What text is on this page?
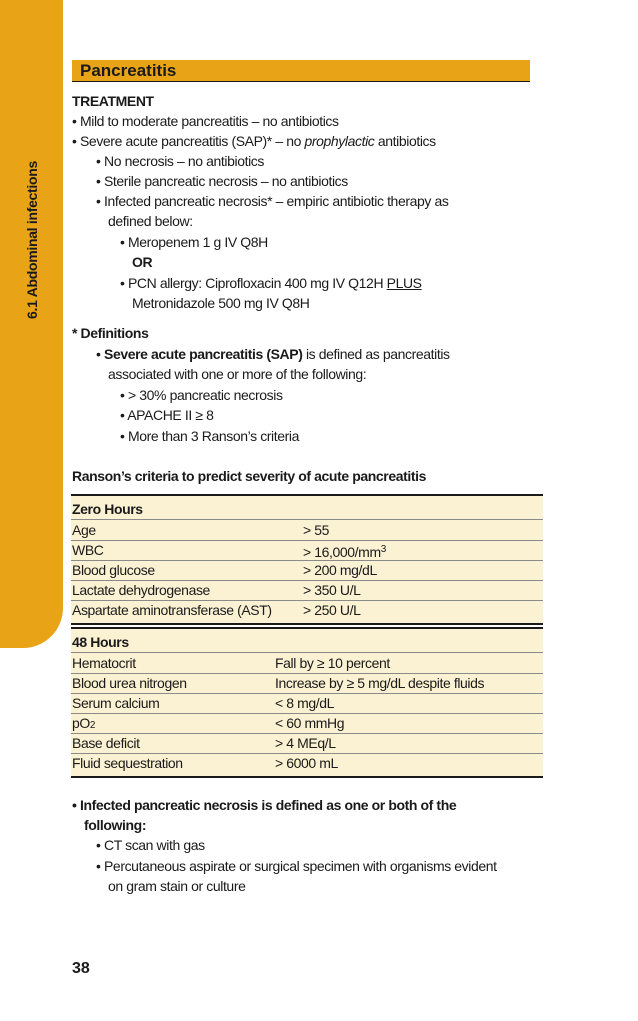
6.1 Abdominal infections
Pancreatitis
TREATMENT
• Mild to moderate pancreatitis – no antibiotics
• Severe acute pancreatitis (SAP)* – no prophylactic antibiotics
• No necrosis – no antibiotics
• Sterile pancreatic necrosis – no antibiotics
• Infected pancreatic necrosis* – empiric antibiotic therapy as
defined below:
• Meropenem 1 g IV Q8H
OR
• PCN allergy: Ciprofloxacin 400 mg IV Q12H PLUS
Metronidazole 500 mg IV Q8H
* Definitions
• Severe acute pancreatitis (SAP) is defined as pancreatitis
associated with one or more of the following:
• > 30% pancreatic necrosis
• APACHE II ≥ 8
• More than 3 Ranson’s criteria
Ranson’s criteria to predict severity of acute pancreatitis
Zero Hours
Age	> 55
WBC	> $16,000/mm^3$
Blood glucose	> 200 mg/dL
Lactate dehydrogenase	> 350 U/L
Aspartate aminotransferase (AST) > 250 U/L
48 Hours
Hematocrit	Fall by ≥ 10 percent
Blood urea nitrogen	Increase by ≥ 5 mg/dL despite fluids
Serum calcium	< 8 mg/dL
pO2	< 60 mmHg
Base deficit	> 4 MEq/L
Fluid sequestration	> 6000 mL
• Infected pancreatic necrosis is defined as one or both of the
following:
• CT scan with gas
• Percutaneous aspirate or surgical specimen with organisms evident
on gram stain or culture
38
